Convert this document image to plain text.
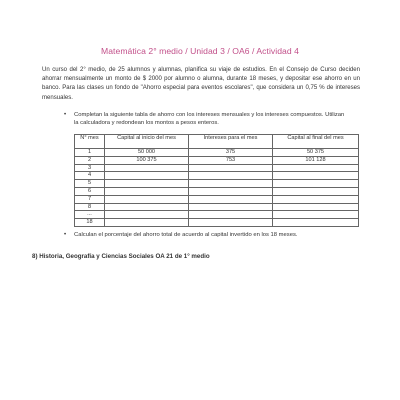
Matemática 2° medio / Unidad 3 / OA6 / Actividad 4
Un curso del 2° medio, de 25 alumnos y alumnas, planifica su viaje de estudios. En el Consejo de Curso deciden ahorrar mensualmente un monto de $ 2000 por alumno o alumna, durante 18 meses, y depositar ese ahorro en un banco. Para las clases un fondo de "Ahorro especial para eventos escolares", que considera un 0,75 % de intereses mensuales.
• Completan la siguiente tabla de ahorro con los intereses mensuales y los intereses compuestos. Utilizan la calculadora y redondean los montos a pesos enteros.
N° mes	Capital al inicio del mes	Intereses para el mes	Capital al final del mes
1	50 000	375	50 375
2	100 375	753	101 128
3			
4			
5			
6			
7			
8			
...			
18			
• Calculan el porcentaje del ahorro total de acuerdo al capital invertido en los 18 meses.
8) Historia, Geografía y Ciencias Sociales OA 21 de 1° medio
